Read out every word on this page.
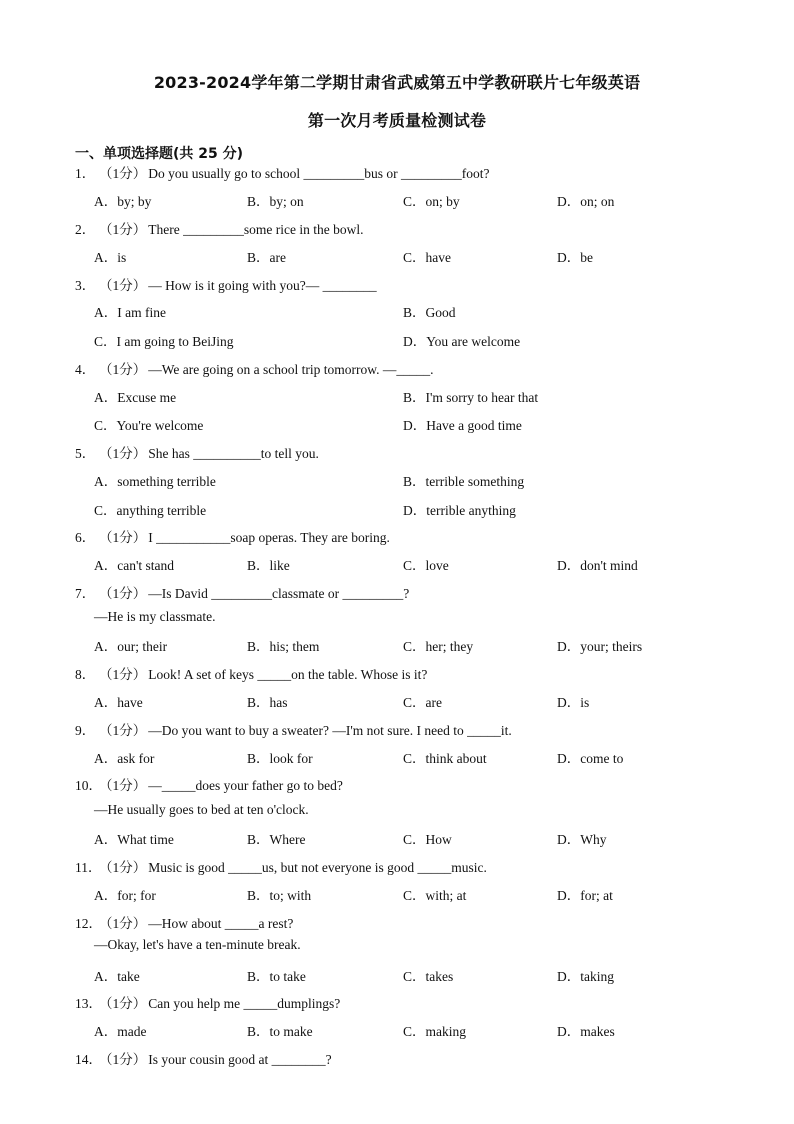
2023-2024学年第二学期甘肃省武威第五中学教研联片七年级英语
第一次月考质量检测试卷
一、单项选择题(共 25 分)
1． （1分） Do you usually go to school _________bus or _________foot?
A．by; by	B．by; on	C．on; by	D．on; on
2． （1分） There _________some rice in the bowl.
A．is	B．are	C．have	D．be
3． （1分） — How is it going with you?— ________
A．I am fine	B．Good
C．I am going to BeiJing	D．You are welcome
4． （1分） —We are going on a school trip tomorrow. —_____.
A．Excuse me	B．I'm sorry to hear that
C．You're welcome	D．Have a good time
5． （1分） She has __________to tell you.
A．something terrible	B．terrible something
C．anything terrible	D．terrible anything
6． （1分） I ___________soap operas. They are boring.
A．can't stand	B．like	C．love	D．don't mind
7． （1分） —Is David _________classmate or _________?
—He is my classmate.
A．our; their	B．his; them	C．her; they	D．your; theirs
8． （1分） Look! A set of keys _____on the table. Whose is it?
A．have	B．has	C．are	D．is
9． （1分） —Do you want to buy a sweater? —I'm not sure. I need to _____it.
A．ask for	B．look for	C．think about	D．come to
10．（1分） —_____does your father go to bed?
—He usually goes to bed at ten o'clock.
A．What time	B．Where	C．How	D．Why
11．（1分） Music is good _____us, but not everyone is good _____music.
A．for; for	B．to; with	C．with; at	D．for; at
12．（1分） —How about _____a rest?
—Okay, let's have a ten-minute break.
A．take	B．to take	C．takes	D．taking
13．（1分） Can you help me _____dumplings?
A．made	B．to make	C．making	D．makes
14．（1分） Is your cousin good at ________?
